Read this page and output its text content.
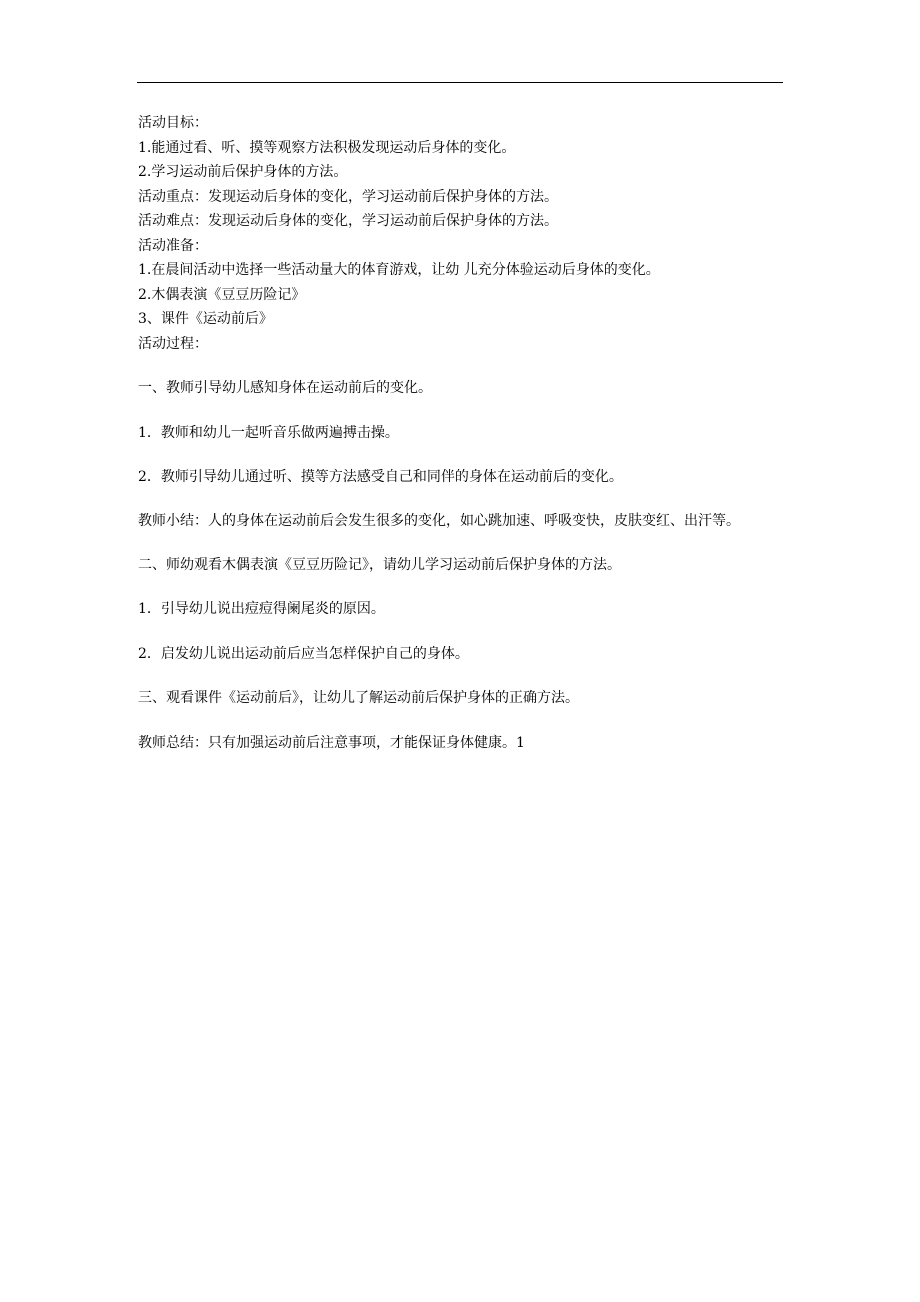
活动目标：

1.能通过看、听、摸等观察方法积极发现运动后身体的变化。

2.学习运动前后保护身体的方法。

活动重点：发现运动后身体的变化，学习运动前后保护身体的方法。

活动难点：发现运动后身体的变化，学习运动前后保护身体的方法。

活动准备：

1.在晨间活动中选择一些活动量大的体育游戏，让幼 儿充分体验运动后身体的变化。

2.木偶表演《豆豆历险记》

3、课件《运动前后》

活动过程：

一、教师引导幼儿感知身体在运动前后的变化。

1．教师和幼儿一起听音乐做两遍搏击操。

2．教师引导幼儿通过听、摸等方法感受自己和同伴的身体在运动前后的变化。

教师小结：人的身体在运动前后会发生很多的变化，如心跳加速、呼吸变快，皮肤变红、出汗等。

二、师幼观看木偶表演《豆豆历险记》，请幼儿学习运动前后保护身体的方法。

1．引导幼儿说出痘痘得阑尾炎的原因。

2．启发幼儿说出运动前后应当怎样保护自己的身体。

三、观看课件《运动前后》，让幼儿了解运动前后保护身体的正确方法。

教师总结：只有加强运动前后注意事项，才能保证身体健康。1
